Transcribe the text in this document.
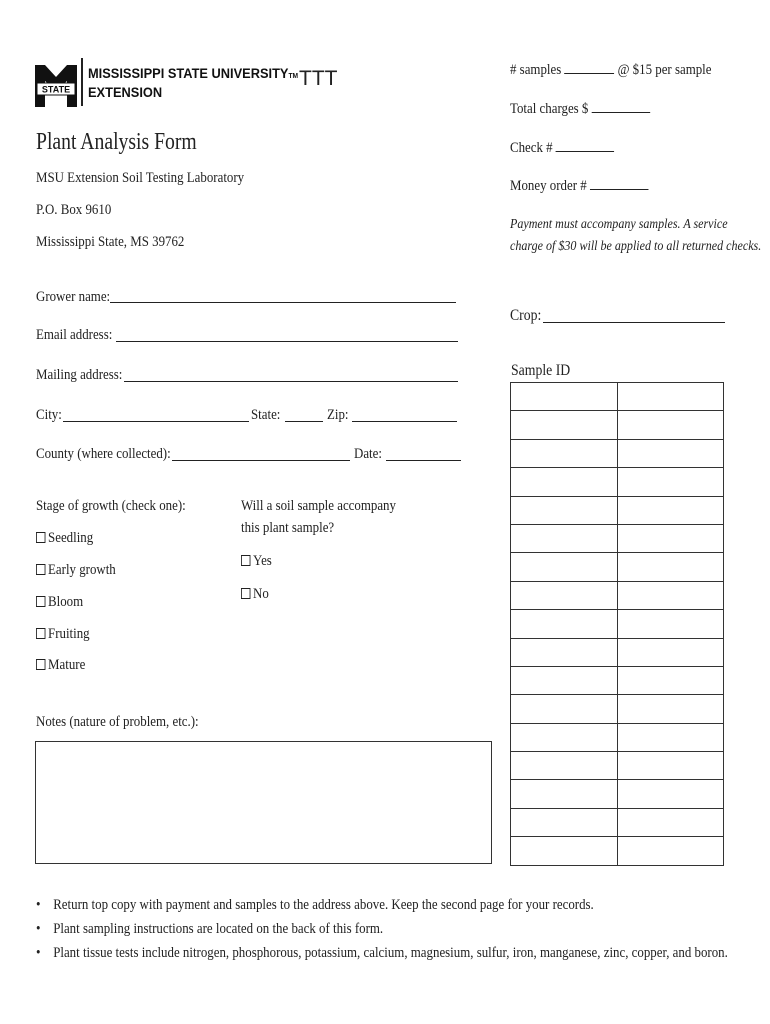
STATE
MISSISSIPPI STATE UNIVERSITYTM
EXTENSION
TTT
Plant Analysis Form
MSU Extension Soil Testing Laboratory
P.O. Box 9610
Mississippi State, MS 39762
# samples	@ $15 per sample
Total charges $
Check #
Money order #
Payment must accompany samples. A service
charge of $30 will be applied to all returned checks.
Grower name:
Email address:
Mailing address:
City:	State:	Zip:
County (where collected):	Date:
Crop:
Sample ID

Stage of growth (check one):
Seedling
Early growth
Bloom
Fruiting
Mature
Will a soil sample accompany
this plant sample?
Yes
No
Notes (nature of problem, etc.):
• Return top copy with payment and samples to the address above. Keep the second page for your records.
• Plant sampling instructions are located on the back of this form.
• Plant tissue tests include nitrogen, phosphorous, potassium, calcium, magnesium, sulfur, iron, manganese, zinc, copper, and boron.
